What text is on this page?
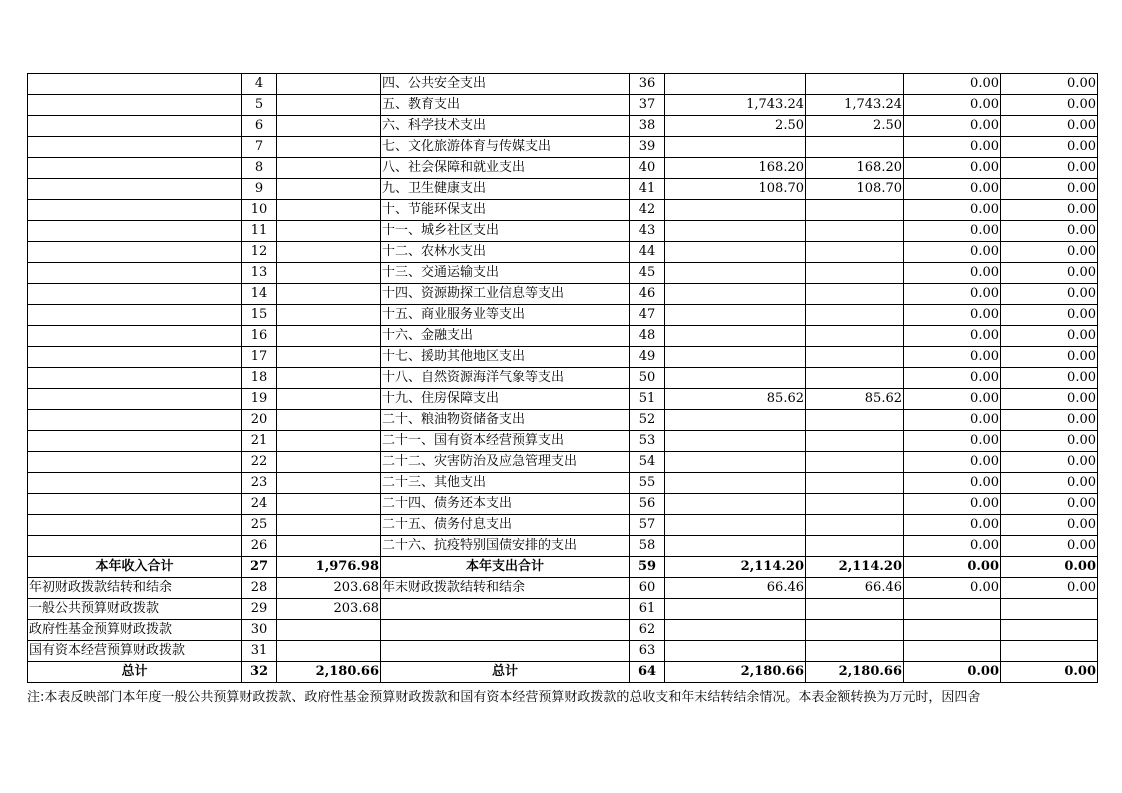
	4		四、公共安全支出	36			0.00	0.00
	5		五、教育支出	37	1,743.24	1,743.24	0.00	0.00
	6		六、科学技术支出	38	2.50	2.50	0.00	0.00
	7		七、文化旅游体育与传媒支出	39			0.00	0.00
	8		八、社会保障和就业支出	40	168.20	168.20	0.00	0.00
	9		九、卫生健康支出	41	108.70	108.70	0.00	0.00
	10		十、节能环保支出	42			0.00	0.00
	11		十一、城乡社区支出	43			0.00	0.00
	12		十二、农林水支出	44			0.00	0.00
	13		十三、交通运输支出	45			0.00	0.00
	14		十四、资源勘探工业信息等支出	46			0.00	0.00
	15		十五、商业服务业等支出	47			0.00	0.00
	16		十六、金融支出	48			0.00	0.00
	17		十七、援助其他地区支出	49			0.00	0.00
	18		十八、自然资源海洋气象等支出	50			0.00	0.00
	19		十九、住房保障支出	51	85.62	85.62	0.00	0.00
	20		二十、粮油物资储备支出	52			0.00	0.00
	21		二十一、国有资本经营预算支出	53			0.00	0.00
	22		二十二、灾害防治及应急管理支出	54			0.00	0.00
	23		二十三、其他支出	55			0.00	0.00
	24		二十四、债务还本支出	56			0.00	0.00
	25		二十五、债务付息支出	57			0.00	0.00
	26		二十六、抗疫特别国债安排的支出	58			0.00	0.00
本年收入合计	27	1,976.98	本年支出合计	59	2,114.20	2,114.20	0.00	0.00
年初财政拨款结转和结余	28	203.68	年末财政拨款结转和结余	60	66.46	66.46	0.00	0.00
一般公共预算财政拨款	29	203.68		61				
政府性基金预算财政拨款	30			62				
国有资本经营预算财政拨款	31			63				
总计	32	2,180.66	总计	64	2,180.66	2,180.66	0.00	0.00
注:本表反映部门本年度一般公共预算财政拨款、政府性基金预算财政拨款和国有资本经营预算财政拨款的总收支和年末结转结余情况。本表金额转换为万元时，因四舍
